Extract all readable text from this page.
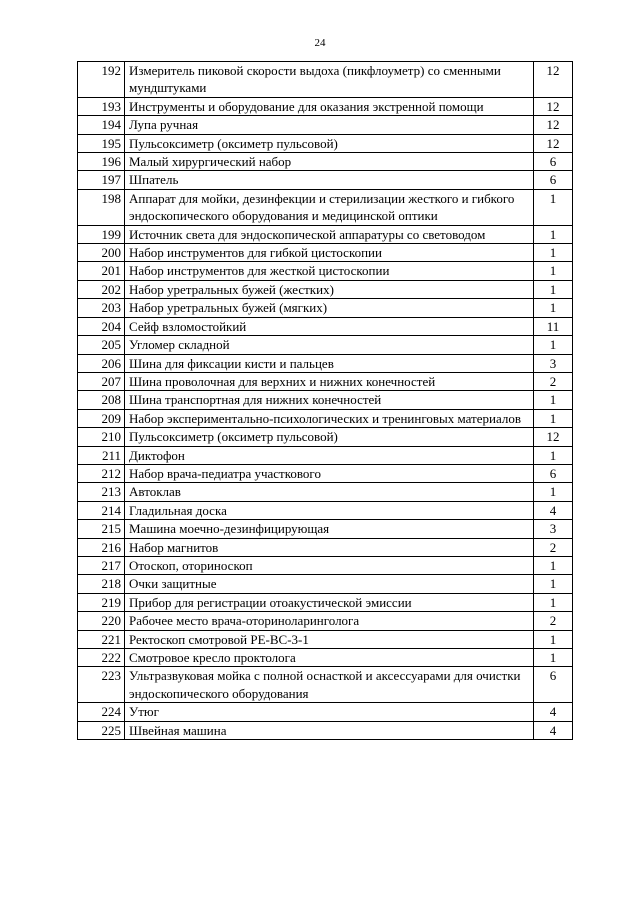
24
192	Измеритель пиковой скорости выдоха (пикфлоуметр) со сменными мундштуками	12
193	Инструменты и оборудование для оказания экстренной помощи	12
194	Лупа ручная	12
195	Пульсоксиметр (оксиметр пульсовой)	12
196	Малый хирургический набор	6
197	Шпатель	6
198	Аппарат для мойки, дезинфекции и стерилизации жесткого и гибкого эндоскопического оборудования и медицинской оптики	1
199	Источник света для эндоскопической аппаратуры со световодом	1
200	Набор инструментов для гибкой цистоскопии	1
201	Набор инструментов для жесткой цистоскопии	1
202	Набор уретральных бужей (жестких)	1
203	Набор уретральных бужей (мягких)	1
204	Сейф взломостойкий	11
205	Угломер складной	1
206	Шина для фиксации кисти и пальцев	3
207	Шина проволочная для верхних и нижних конечностей	2
208	Шина транспортная для нижних конечностей	1
209	Набор экспериментально-психологических и тренинговых материалов	1
210	Пульсоксиметр (оксиметр пульсовой)	12
211	Диктофон	1
212	Набор врача-педиатра участкового	6
213	Автоклав	1
214	Гладильная доска	4
215	Машина моечно-дезинфицирующая	3
216	Набор магнитов	2
217	Отоскоп, оториноскоп	1
218	Очки защитные	1
219	Прибор для регистрации отоакустической эмиссии	1
220	Рабочее место врача-оториноларинголога	2
221	Ректоскоп смотровой РЕ-ВС-3-1	1
222	Смотровое кресло проктолога	1
223	Ультразвуковая мойка с полной оснасткой и аксессуарами для очистки эндоскопического оборудования	6
224	Утюг	4
225	Швейная машина	4
